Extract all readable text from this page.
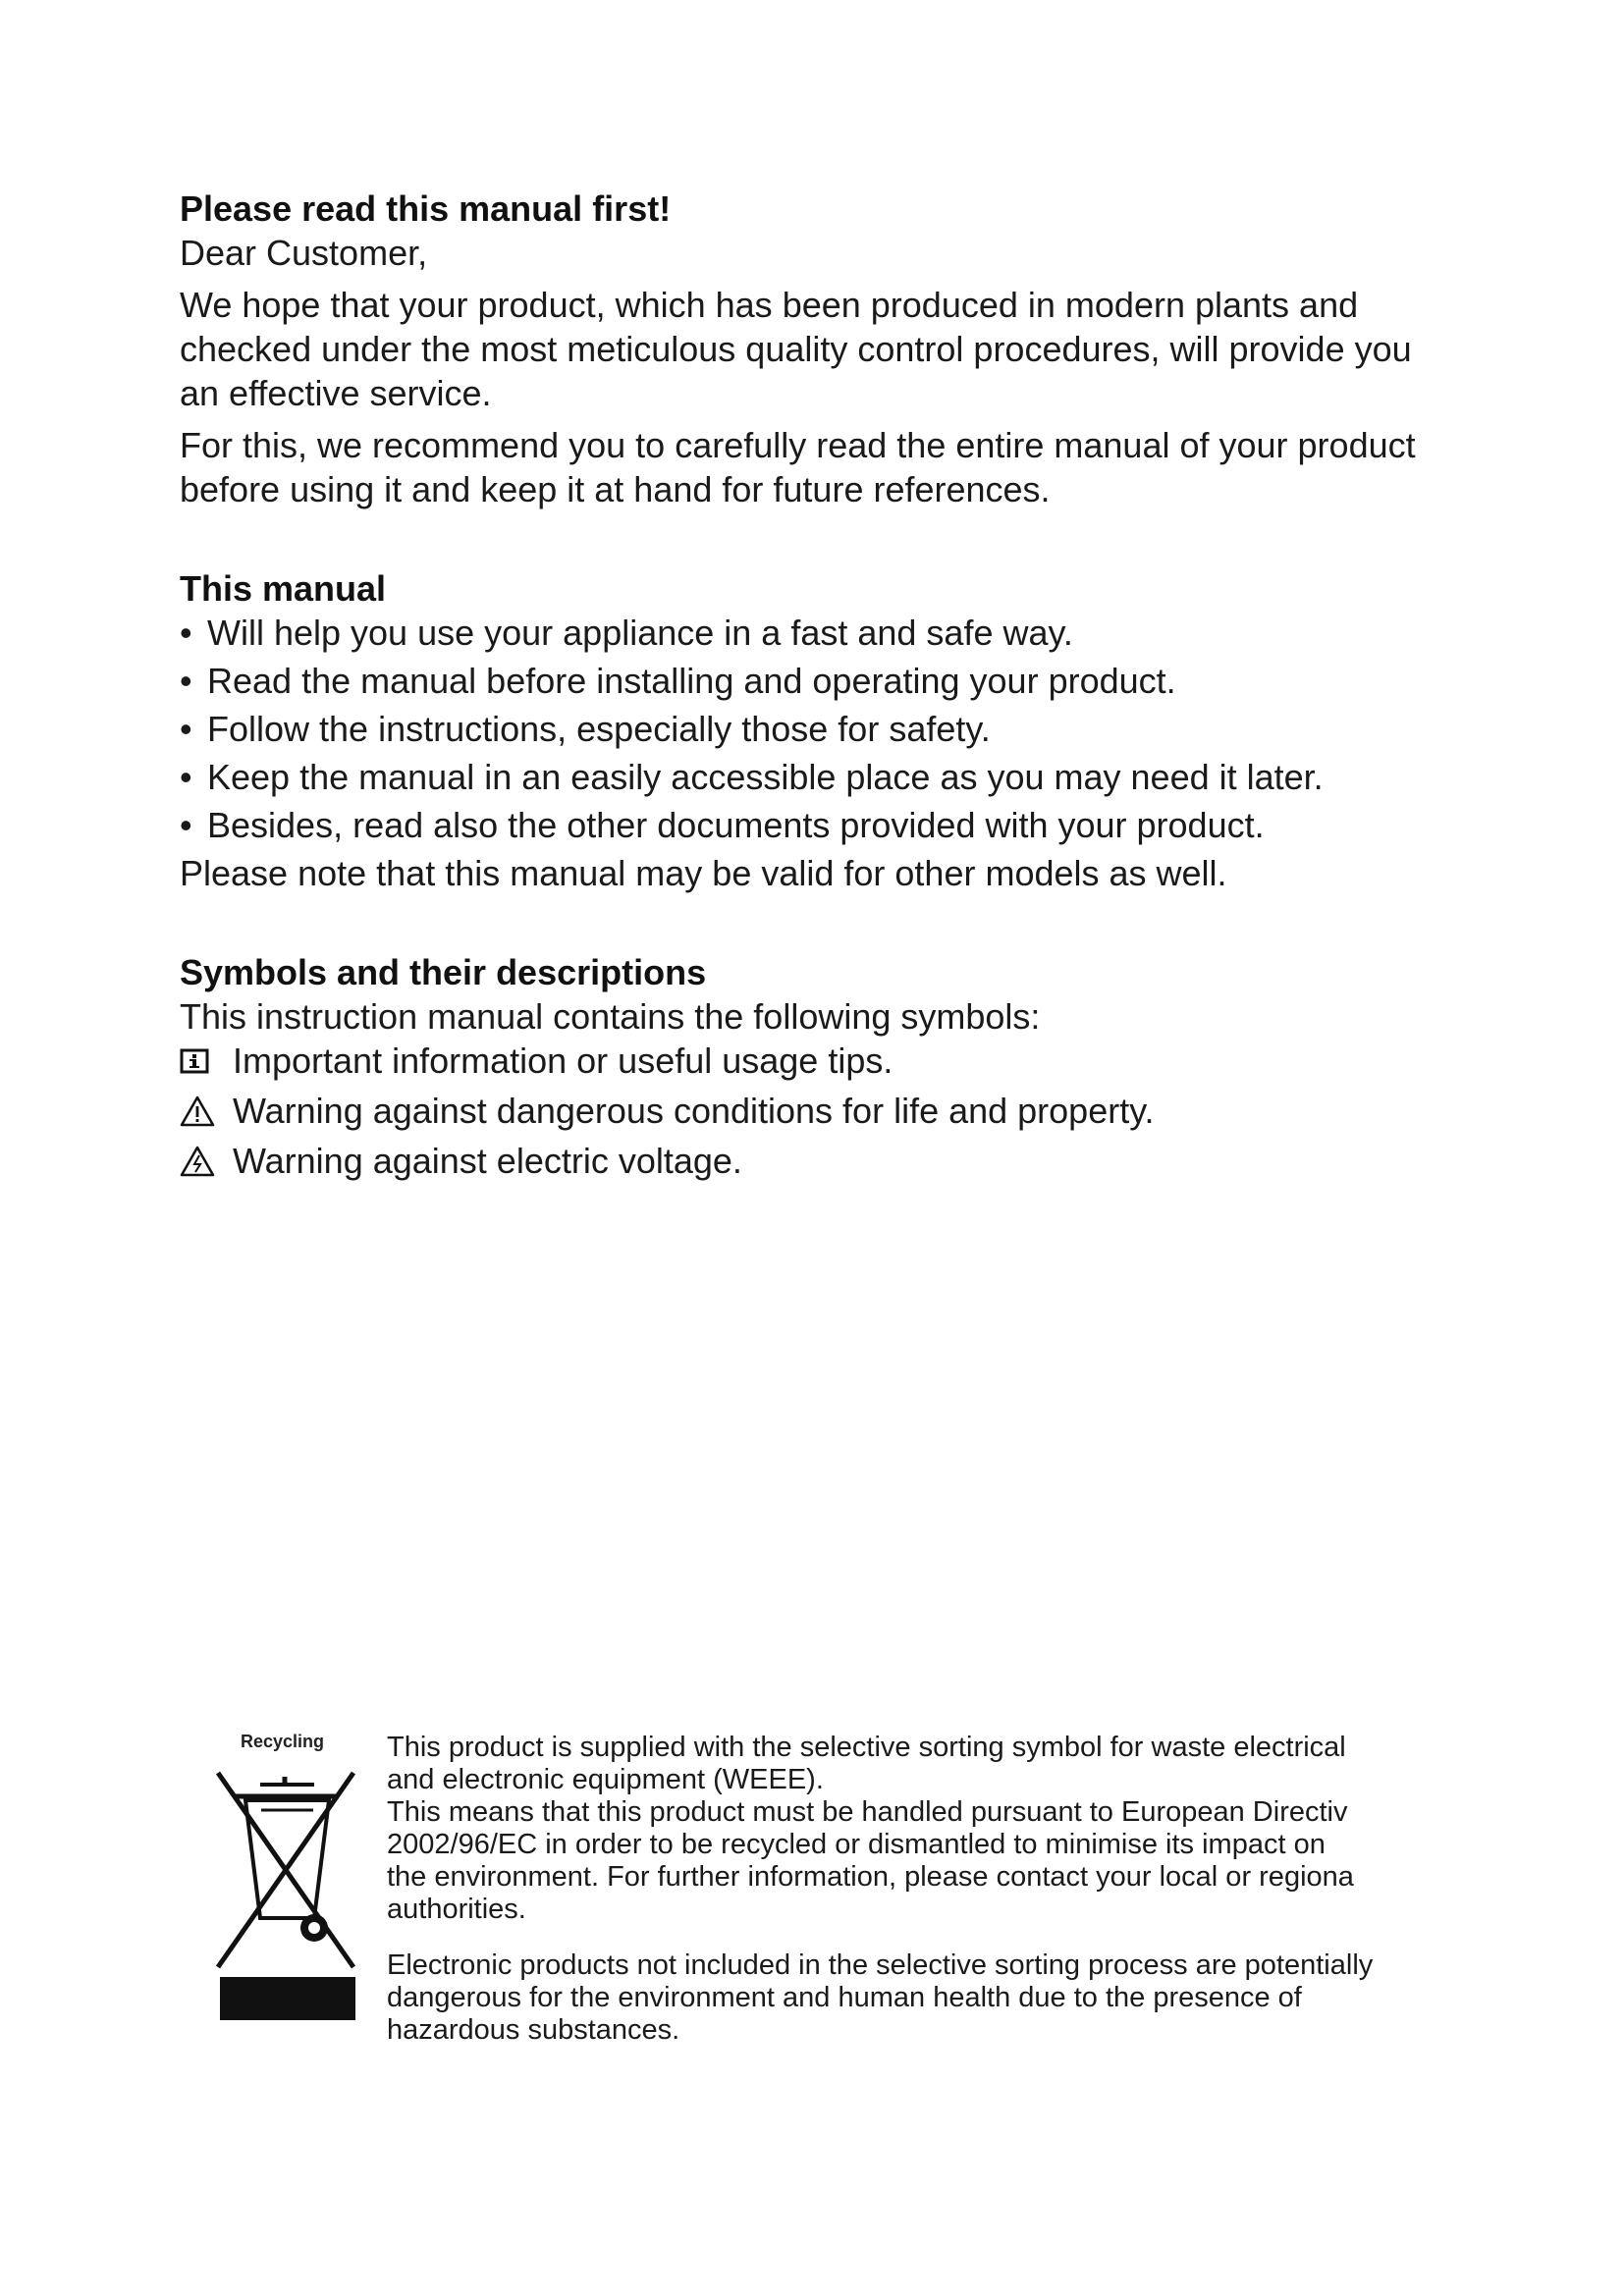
Please read this manual first!

Dear Customer,

We hope that your product, which has been produced in modern plants and checked under the most meticulous quality control procedures, will provide you an effective service.

For this, we recommend you to carefully read the entire manual of your product before using it and keep it at hand for future references.

This manual
• Will help you use your appliance in a fast and safe way.
• Read the manual before installing and operating your product.
• Follow the instructions, especially those for safety.
• Keep the manual in an easily accessible place as you may need it later.
• Besides, read also the other documents provided with your product.

Please note that this manual may be valid for other models as well.

Symbols and their descriptions

This instruction manual contains the following symbols:

Important information or useful usage tips.
Warning against dangerous conditions for life and property.
Warning against electric voltage.
Recycling This product is supplied with the selective sorting symbol for waste electrical

and electronic equipment (WEEE).

This means that this product must be handled pursuant to European Directiv

2002/96/EC in order to be recycled or dismantled to minimise its impact on

the environment. For further information, please contact your local or regiona

authorities.

Electronic products not included in the selective sorting process are potentially

dangerous for the environment and human health due to the presence of

hazardous substances.
